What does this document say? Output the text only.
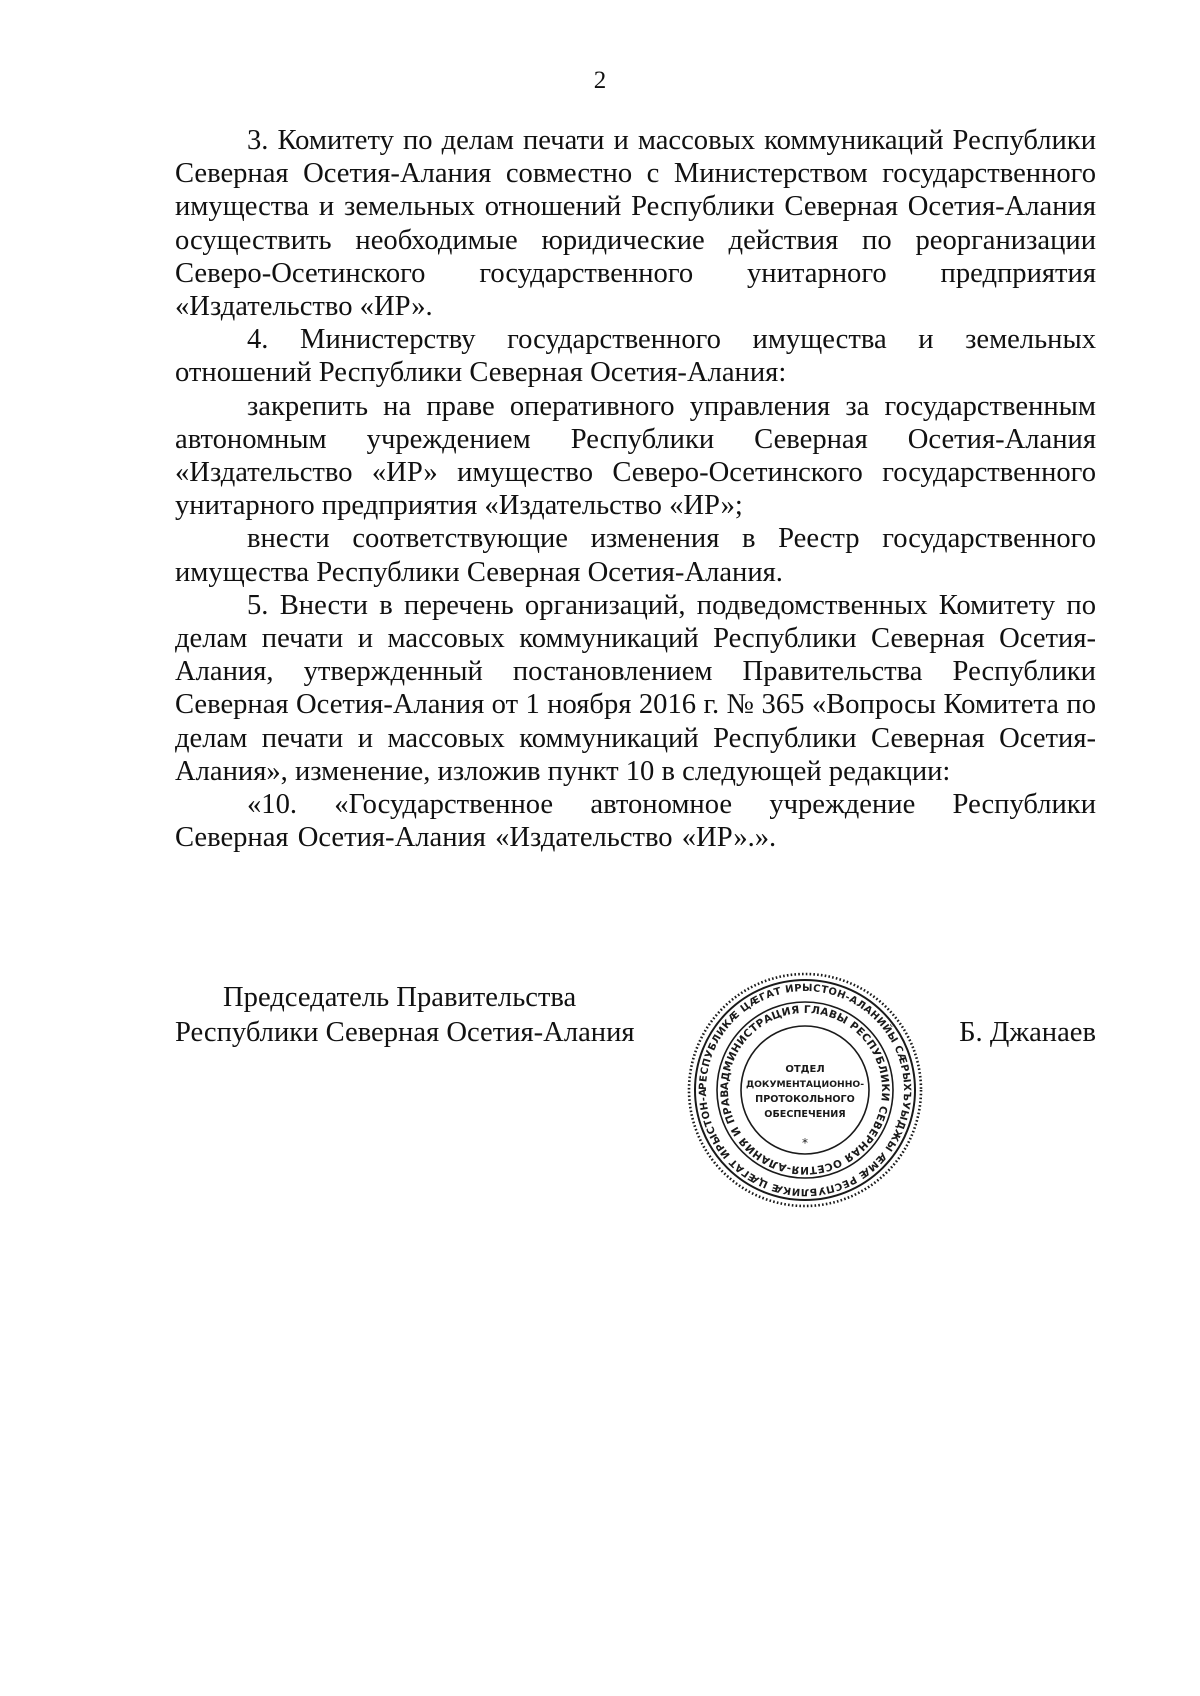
2

3. Комитету по делам печати и массовых коммуникаций Республики Северная Осетия-Алания совместно с Министерством государственного имущества и земельных отношений Республики Северная Осетия-Алания осуществить необходимые юридические действия по реорганизации Северо-Осетинского государственного унитарного предприятия «Издательство «ИР».

4. Министерству государственного имущества и земельных отношений Республики Северная Осетия-Алания:

закрепить на праве оперативного управления за государственным автономным учреждением Республики Северная Осетия-Алания «Издательство «ИР» имущество Северо-Осетинского государственного унитарного предприятия «Издательство «ИР»;

внести соответствующие изменения в Реестр государственного имущества Республики Северная Осетия-Алания.

5. Внести в перечень организаций, подведомственных Комитету по делам печати и массовых коммуникаций Республики Северная Осетия-Алания, утвержденный постановлением Правительства Республики Северная Осетия-Алания от 1 ноября 2016 г. № 365 «Вопросы Комитета по делам печати и массовых коммуникаций Республики Северная Осетия-Алания», изменение, изложив пункт 10 в следующей редакции:

«10. «Государственное автономное учреждение Республики Северная Осетия-Алания «Издательство «ИР».».

Председатель Правительства
Республики Северная Осетия-Алания
РЕСПУБЛИКÆ ЦÆГАТ ИРЫСТОН-АЛАНИЙЫ СÆРЫХЪУЫДЖЫ ÆМÆ РЕСПУБЛИКÆ ЦÆГАТ ИРЫСТОН-А
АДМИНИСТРАЦИЯ ГЛАВЫ РЕСПУБЛИКИ СЕВЕРНАЯ ОСЕТИЯ-АЛАНИЯ И ПРАВ
ОТДЕЛ
ДОКУМЕНТАЦИОННО-
ПРОТОКОЛЬНОГО
ОБЕСПЕЧЕНИЯ
*
Б. Джанаев
